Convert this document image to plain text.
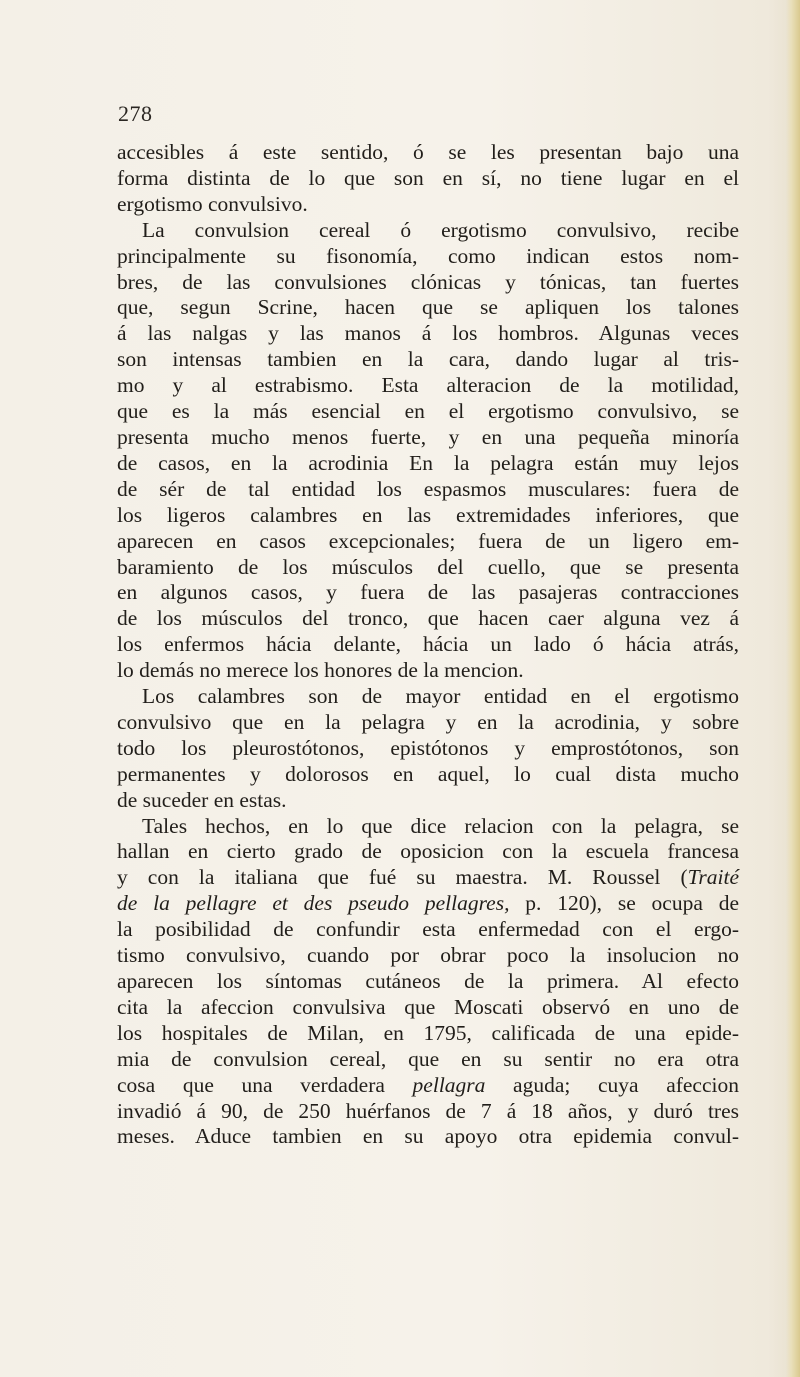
278
accesibles á este sentido, ó se les presentan bajo una
forma distinta de lo que son en sí, no tiene lugar en el
ergotismo convulsivo.
La convulsion cereal ó ergotismo convulsivo, recibe
principalmente su fisonomía, como indican estos nom-
bres, de las convulsiones clónicas y tónicas, tan fuertes
que, segun Scrine, hacen que se apliquen los talones
á las nalgas y las manos á los hombros. Algunas veces
son intensas tambien en la cara, dando lugar al tris-
mo y al estrabismo. Esta alteracion de la motilidad,
que es la más esencial en el ergotismo convulsivo, se
presenta mucho menos fuerte, y en una pequeña minoría
de casos, en la acrodinia En la pelagra están muy lejos
de sér de tal entidad los espasmos musculares: fuera de
los ligeros calambres en las extremidades inferiores, que
aparecen en casos excepcionales; fuera de un ligero em-
baramiento de los músculos del cuello, que se presenta
en algunos casos, y fuera de las pasajeras contracciones
de los músculos del tronco, que hacen caer alguna vez á
los enfermos hácia delante, hácia un lado ó hácia atrás,
lo demás no merece los honores de la mencion.
Los calambres son de mayor entidad en el ergotismo
convulsivo que en la pelagra y en la acrodinia, y sobre
todo los pleurostótonos, epistótonos y emprostótonos, son
permanentes y dolorosos en aquel, lo cual dista mucho
de suceder en estas.
Tales hechos, en lo que dice relacion con la pelagra, se
hallan en cierto grado de oposicion con la escuela francesa
y con la italiana que fué su maestra. M. Roussel (Traité
de la pellagre et des pseudo pellagres, p. 120), se ocupa de
la posibilidad de confundir esta enfermedad con el ergo-
tismo convulsivo, cuando por obrar poco la insolucion no
aparecen los síntomas cutáneos de la primera. Al efecto
cita la afeccion convulsiva que Moscati observó en uno de
los hospitales de Milan, en 1795, calificada de una epide-
mia de convulsion cereal, que en su sentir no era otra
cosa que una verdadera pellagra aguda; cuya afeccion
invadió á 90, de 250 huérfanos de 7 á 18 años, y duró tres
meses. Aduce tambien en su apoyo otra epidemia convul-
